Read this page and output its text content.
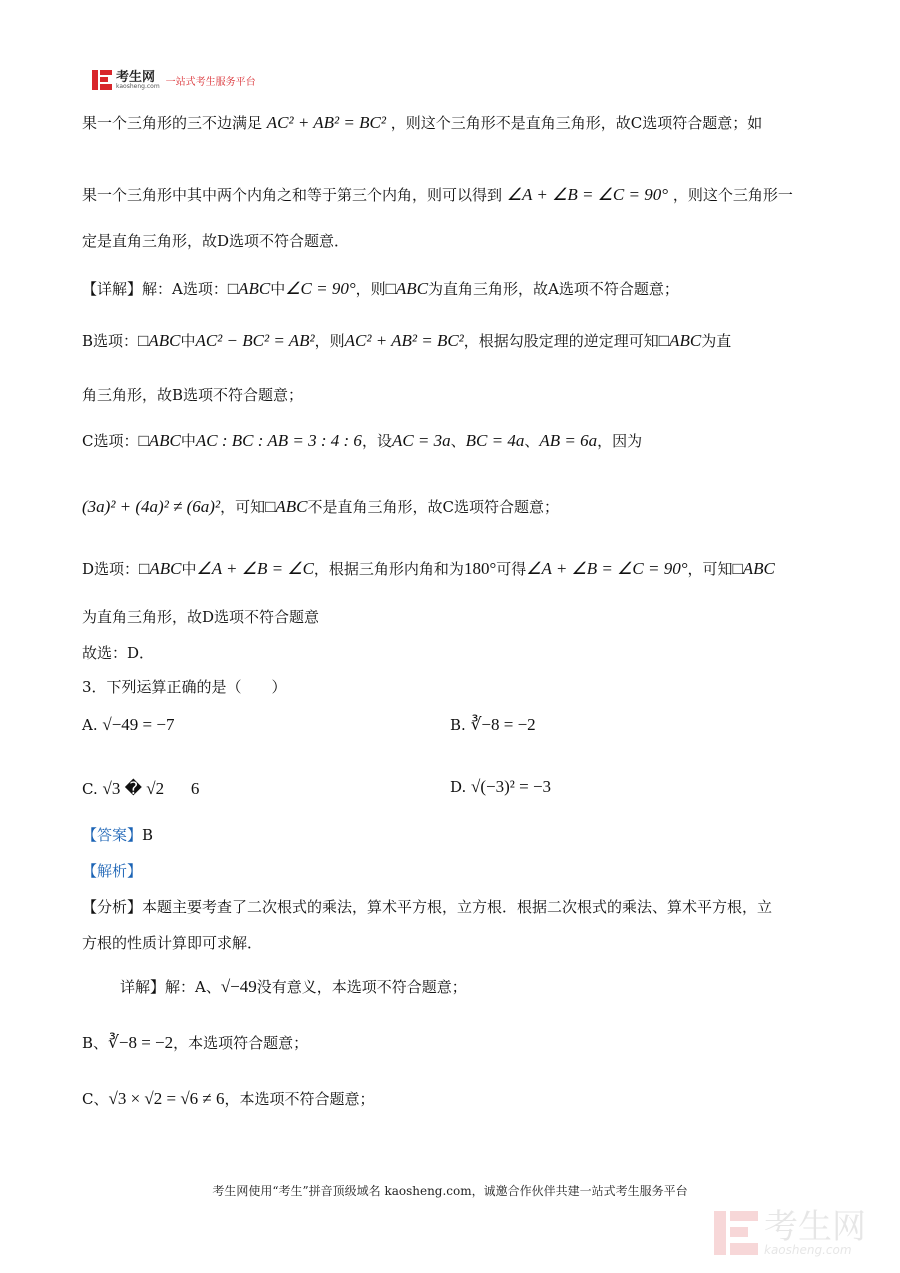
考生网
kaosheng.com 一站式考生服务平台
果一个三角形的三不边满足 AC² + AB² = BC² ，则这个三角形不是直角三角形，故C选项符合题意；如
果一个三角形中其中两个内角之和等于第三个内角，则可以得到 ∠A + ∠B = ∠C = 90° ，则这个三角形一
定是直角三角形，故D选项不符合题意．
【详解】解：A选项：□ABC中∠C = 90°，则□ABC为直角三角形，故A选项不符合题意；
B选项：□ABC中AC² − BC² = AB²，则AC² + AB² = BC²，根据勾股定理的逆定理可知□ABC为直
角三角形，故B选项不符合题意；
C选项：□ABC中AC : BC : AB = 3 : 4 : 6，设AC = 3a、BC = 4a、AB = 6a，因为
(3a)² + (4a)² ≠ (6a)²，可知□ABC不是直角三角形，故C选项符合题意；
D选项：□ABC中∠A + ∠B = ∠C，根据三角形内角和为180°可得∠A + ∠B = ∠C = 90°，可知□ABC
为直角三角形，故D选项不符合题意
故选：D．
3．下列运算正确的是（　　）
A. √−49 = −7	B. ∛−8 = −2
C. √3 � √2 6	D. √(−3)² = −3
【答案】B
【解析】
【分析】本题主要考查了二次根式的乘法，算术平方根，立方根．根据二次根式的乘法、算术平方根，立
方根的性质计算即可求解．
详解】解：A、√−49没有意义，本选项不符合题意；
B、∛−8 = −2，本选项符合题意；
C、√3 × √2 = √6 ≠ 6，本选项不符合题意；
考生网使用“考生”拼音顶级域名 kaosheng.com，诚邀合作伙伴共建一站式考生服务平台
考生网
kaosheng.com
